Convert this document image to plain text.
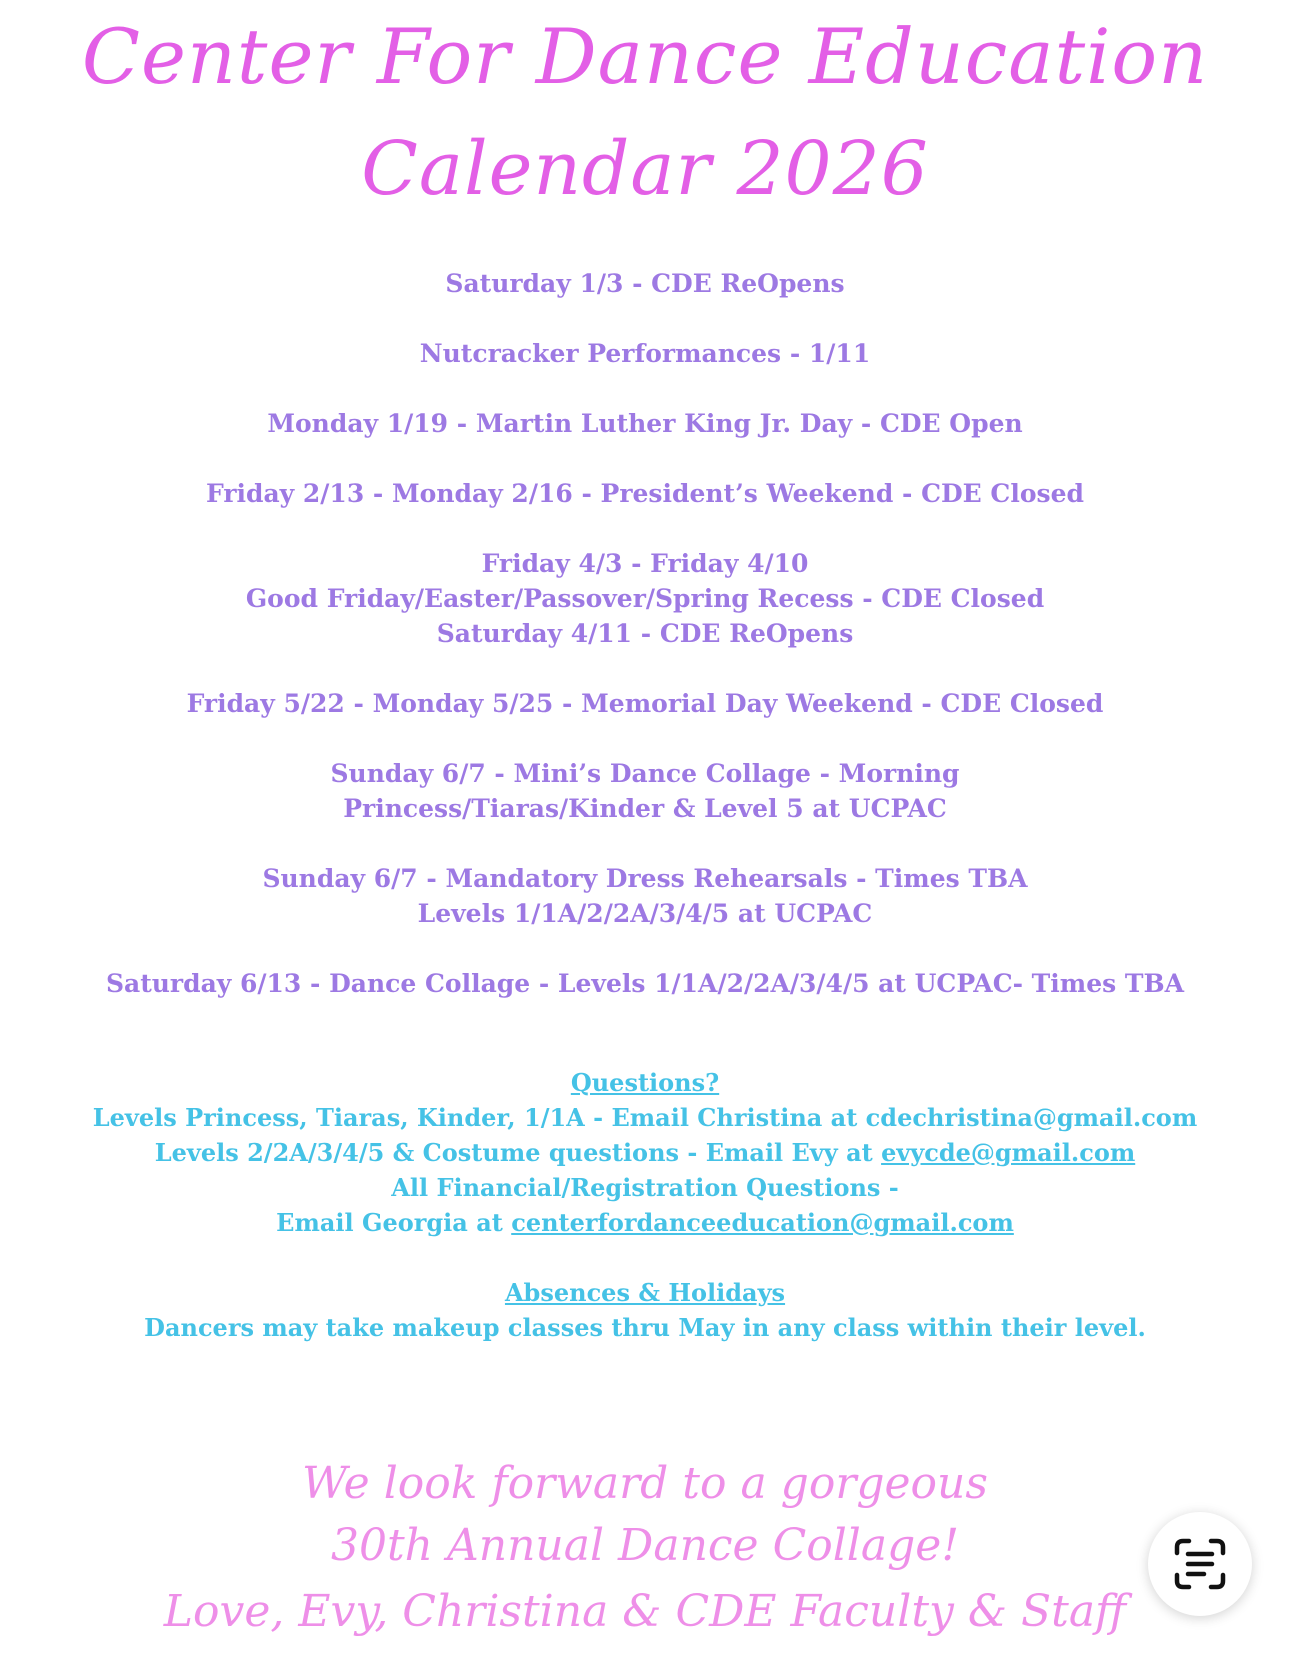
Center For Dance Education
Calendar 2026
Saturday 1/3 - CDE ReOpens
Nutcracker Performances - 1/11
Monday 1/19 - Martin Luther King Jr. Day - CDE Open
Friday 2/13 - Monday 2/16 - President’s Weekend - CDE Closed
Friday 4/3 - Friday 4/10
Good Friday/Easter/Passover/Spring Recess - CDE Closed
Saturday 4/11 - CDE ReOpens
Friday 5/22 - Monday 5/25 - Memorial Day Weekend - CDE Closed
Sunday 6/7 - Mini’s Dance Collage - Morning
Princess/Tiaras/Kinder & Level 5 at UCPAC
Sunday 6/7 - Mandatory Dress Rehearsals - Times TBA
Levels 1/1A/2/2A/3/4/5 at UCPAC
Saturday 6/13 - Dance Collage - Levels 1/1A/2/2A/3/4/5 at UCPAC- Times TBA
Questions?
Levels Princess, Tiaras, Kinder, 1/1A - Email Christina at cdechristina@gmail.com
Levels 2/2A/3/4/5 & Costume questions - Email Evy at evycde@gmail.com
All Financial/Registration Questions -
Email Georgia at centerfordanceeducation@gmail.com
Absences & Holidays
Dancers may take makeup classes thru May in any class within their level.
We look forward to a gorgeous
30th Annual Dance Collage!
Love, Evy, Christina & CDE Faculty & Staff
